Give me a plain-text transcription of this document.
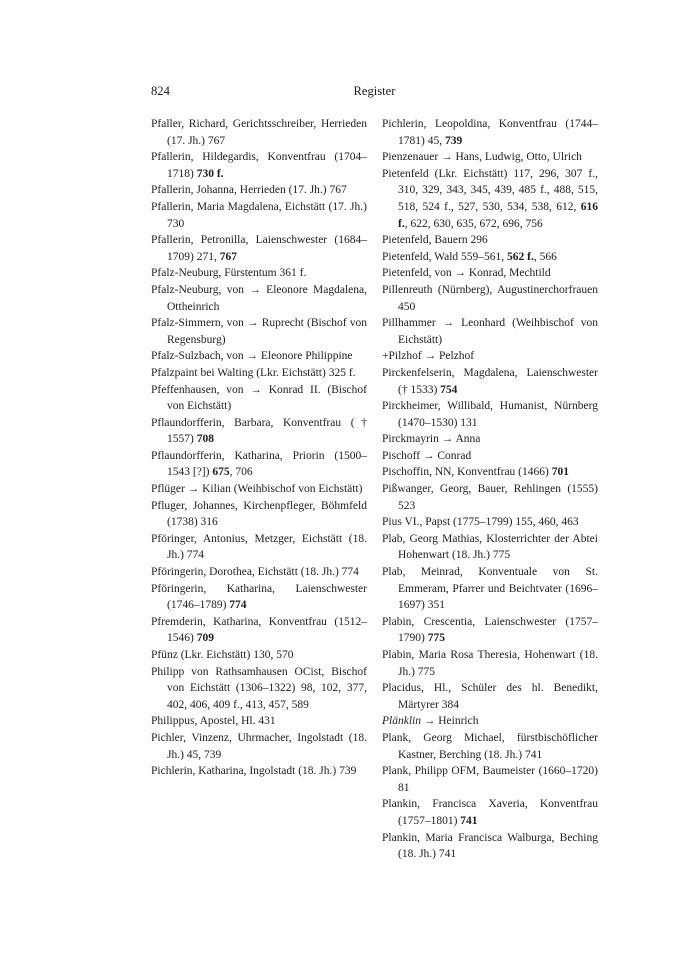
824	Register

Pfaller, Richard, Gerichtsschreiber, Herrieden (17. Jh.) 767

Pfallerin, Hildegardis, Konventfrau (1704–1718) 730 f.

Pfallerin, Johanna, Herrieden (17. Jh.) 767

Pfallerin, Maria Magdalena, Eichstätt (17. Jh.) 730

Pfallerin, Petronilla, Laienschwester (1684–1709) 271, 767

Pfalz-Neuburg, Fürstentum 361 f.

Pfalz-Neuburg, von → Eleonore Magdalena, Ottheinrich

Pfalz-Simmern, von → Ruprecht (Bischof von Regensburg)

Pfalz-Sulzbach, von → Eleonore Philippine

Pfalzpaint bei Walting (Lkr. Eichstätt) 325 f.

Pfeffenhausen, von → Konrad II. (Bischof von Eichstätt)

Pflaundorfferin, Barbara, Konventfrau († 1557) 708

Pflaundorfferin, Katharina, Priorin (1500–1543 [?]) 675, 706

Pflüger → Kilian (Weihbischof von Eichstätt)

Pfluger, Johannes, Kirchenpfleger, Böhmfeld (1738) 316

Pföringer, Antonius, Metzger, Eichstätt (18. Jh.) 774

Pföringerin, Dorothea, Eichstätt (18. Jh.) 774

Pföringerin, Katharina, Laienschwester (1746–1789) 774

Pfremderin, Katharina, Konventfrau (1512–1546) 709

Pfünz (Lkr. Eichstätt) 130, 570

Philipp von Rathsamhausen OCist, Bischof von Eichstätt (1306–1322) 98, 102, 377, 402, 406, 409 f., 413, 457, 589

Philippus, Apostel, Hl. 431

Pichler, Vinzenz, Uhrmacher, Ingolstadt (18. Jh.) 45, 739

Pichlerin, Katharina, Ingolstadt (18. Jh.) 739

Pichlerin, Leopoldina, Konventfrau (1744–1781) 45, 739

Pienzenauer → Hans, Ludwig, Otto, Ulrich

Pietenfeld (Lkr. Eichstätt) 117, 296, 307 f., 310, 329, 343, 345, 439, 485 f., 488, 515, 518, 524 f., 527, 530, 534, 538, 612, 616 f., 622, 630, 635, 672, 696, 756

Pietenfeld, Bauern 296

Pietenfeld, Wald 559–561, 562 f., 566

Pietenfeld, von → Konrad, Mechtild

Pillenreuth (Nürnberg), Augustinerchorfrauen 450

Pillhammer → Leonhard (Weihbischof von Eichstätt)

+Pilzhof → Pelzhof

Pirckenfelserin, Magdalena, Laienschwester († 1533) 754

Pirckheimer, Willibald, Humanist, Nürnberg (1470–1530) 131

Pirckmayrin → Anna

Pischoff → Conrad

Pischoffin, NN, Konventfrau (1466) 701

Pißwanger, Georg, Bauer, Rehlingen (1555) 523

Pius VI., Papst (1775–1799) 155, 460, 463

Plab, Georg Mathias, Klosterrichter der Abtei Hohenwart (18. Jh.) 775

Plab, Meinrad, Konventuale von St. Emmeram, Pfarrer und Beichtvater (1696–1697) 351

Plabin, Crescentia, Laienschwester (1757–1790) 775

Plabin, Maria Rosa Theresia, Hohenwart (18. Jh.) 775

Placidus, Hl., Schüler des hl. Benedikt, Märtyrer 384

Plänklin → Heinrich

Plank, Georg Michael, fürstbischöflicher Kastner, Berching (18. Jh.) 741

Plank, Philipp OFM, Baumeister (1660–1720) 81

Plankin, Francisca Xaveria, Konventfrau (1757–1801) 741

Plankin, Maria Francisca Walburga, Beching (18. Jh.) 741
